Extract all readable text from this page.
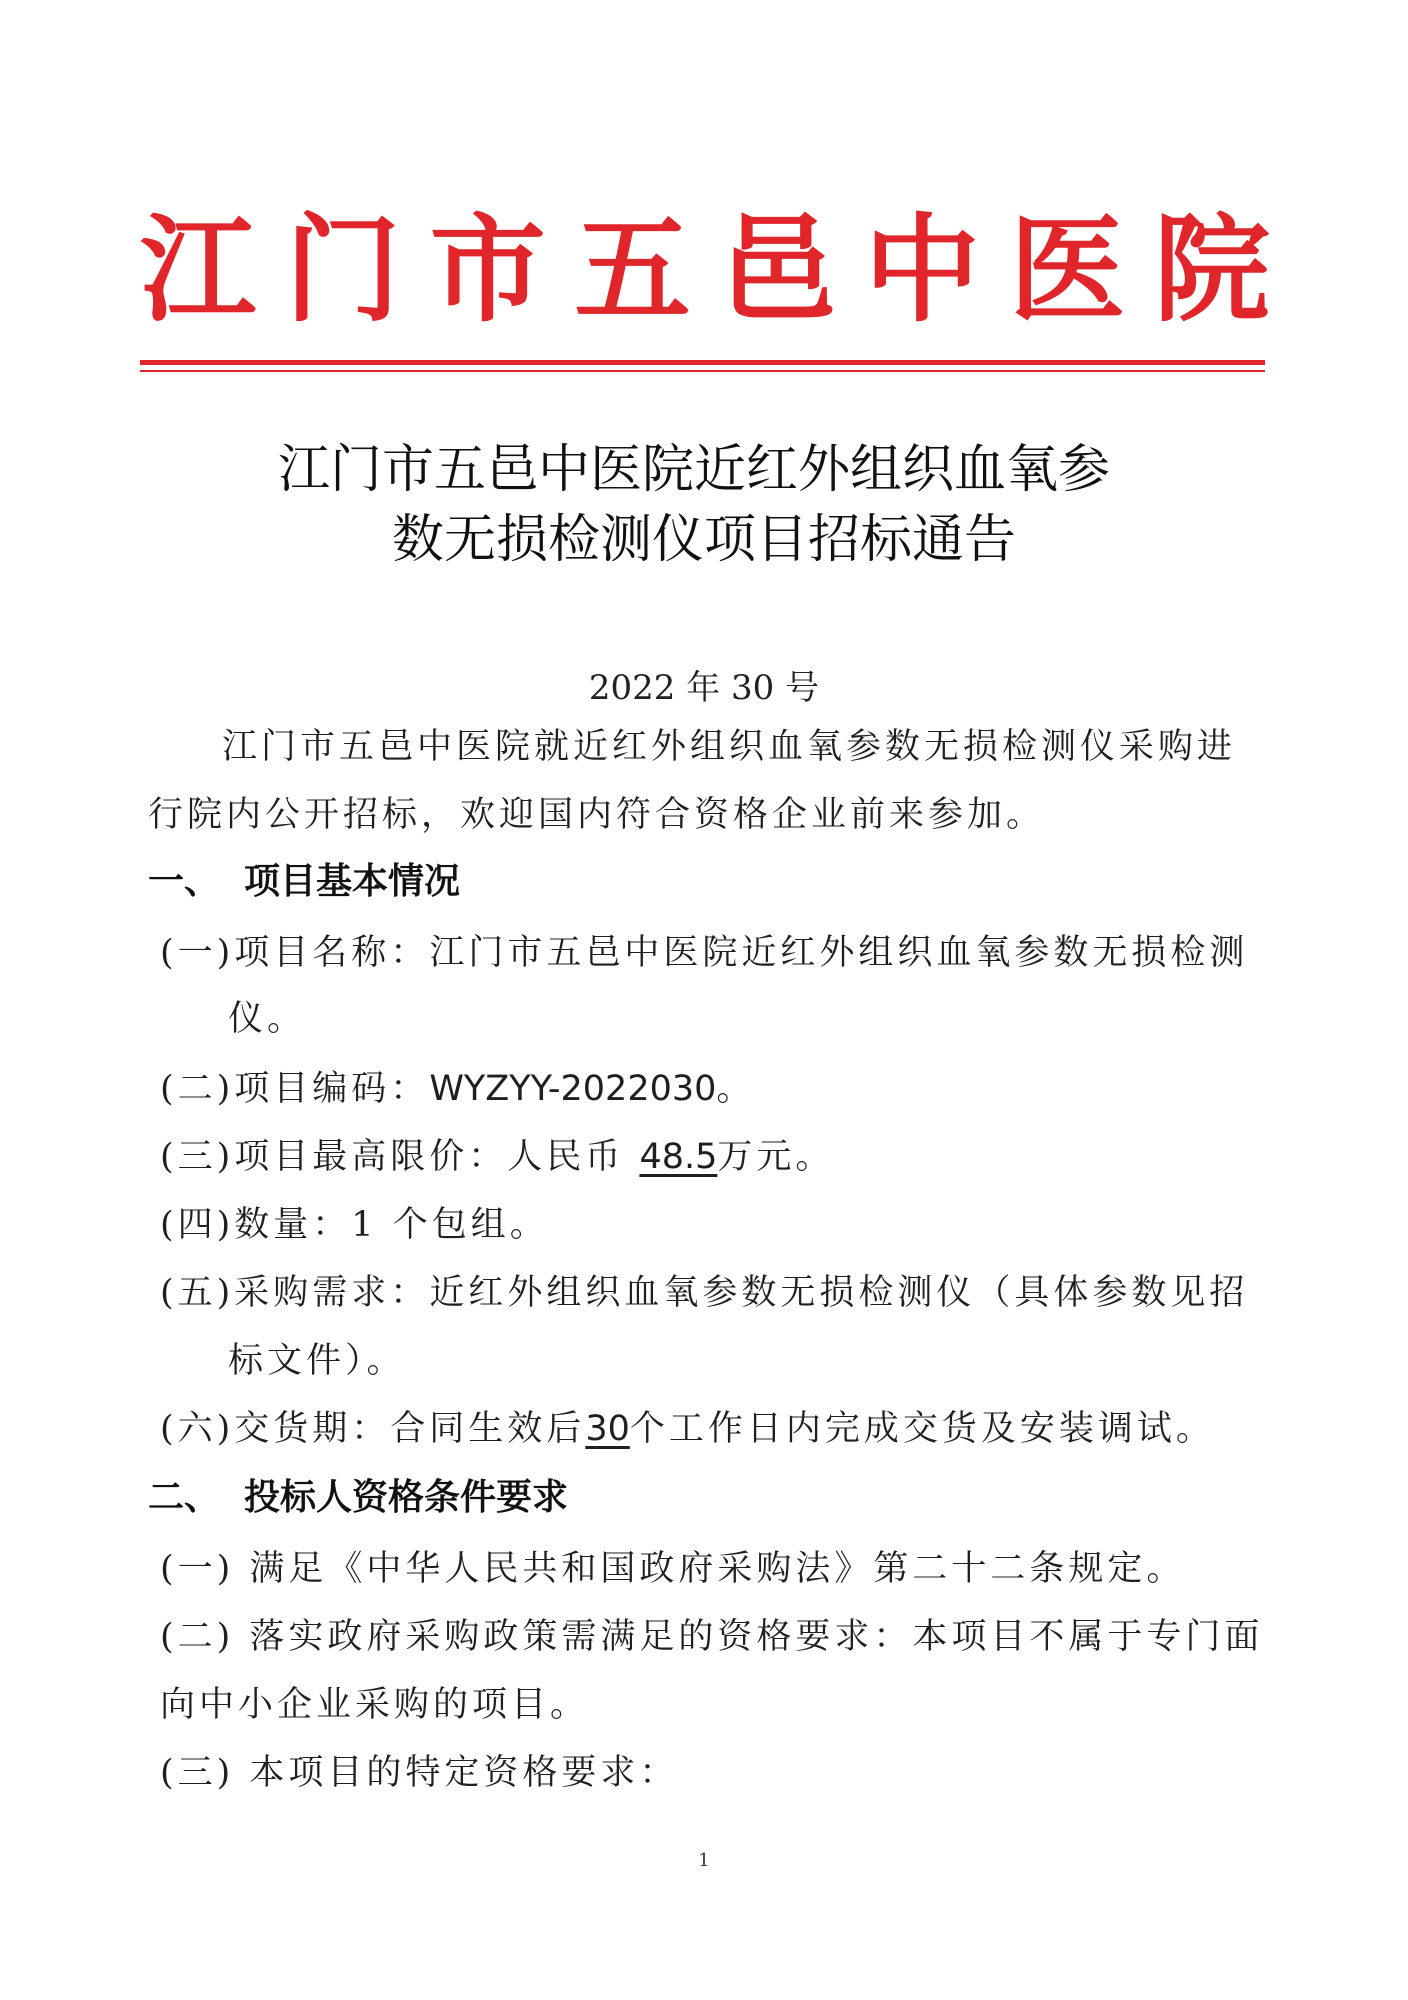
江 门 市 五 邑 中 医 院
江门市五邑中医院近红外组织血氧参
数无损检测仪项目招标通告
2022 年 30 号
江门市五邑中医院就近红外组织血氧参数无损检测仪采购进
行院内公开招标，欢迎国内符合资格企业前来参加。
一、 项目基本情况
(一)项目名称：江门市五邑中医院近红外组织血氧参数无损检测
仪。
(二)项目编码：WYZYY-2022030。
(三)项目最高限价：人民币 48.5万元。
(四)数量：1 个包组。
(五)采购需求：近红外组织血氧参数无损检测仪（具体参数见招
标文件）。
(六)交货期：合同生效后30个工作日内完成交货及安装调试。
二、 投标人资格条件要求
(一) 满足《中华人民共和国政府采购法》第二十二条规定。
(二) 落实政府采购政策需满足的资格要求：本项目不属于专门面
向中小企业采购的项目。
(三) 本项目的特定资格要求：
1
